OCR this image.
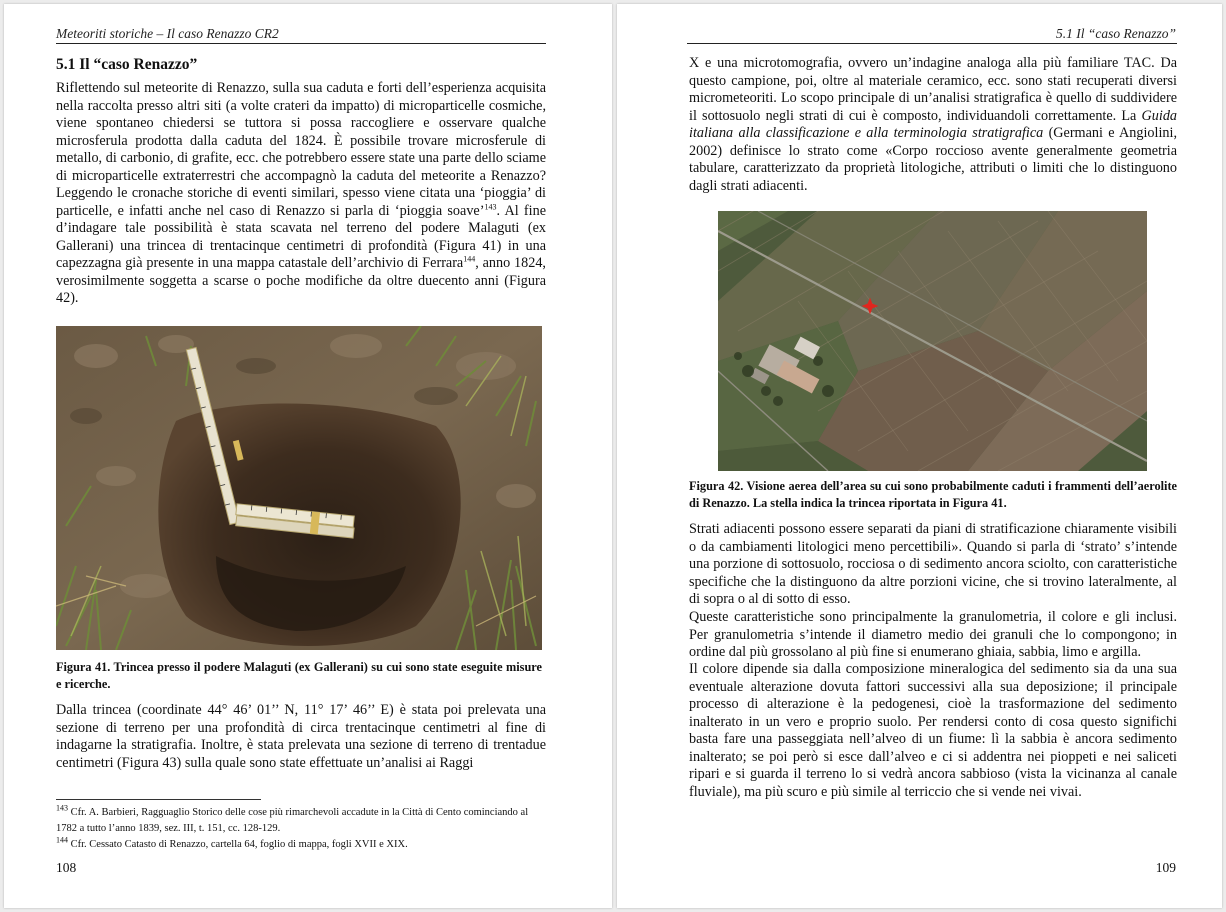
Meteoriti storiche – Il caso Renazzo CR2
5.1 Il “caso Renazzo”

Riflettendo sul meteorite di Renazzo, sulla sua caduta e forti dell’esperienza acquisita nella raccolta presso altri siti (a volte crateri da impatto) di microparticelle cosmiche, viene spontaneo chiedersi se tuttora si possa raccogliere e osservare qualche microsferula prodotta dalla caduta del 1824. È possibile trovare microsferule di metallo, di carbonio, di grafite, ecc. che potrebbero essere state una parte dello sciame di microparticelle extraterrestri che accompagnò la caduta del meteorite a Renazzo? Leggendo le cronache storiche di eventi similari, spesso viene citata una ‘pioggia’ di particelle, e infatti anche nel caso di Renazzo si parla di ‘pioggia soave’$^{143}$. Al fine d’indagare tale possibilità è stata scavata nel terreno del podere Malaguti (ex Gallerani) una trincea di trentacinque centimetri di profondità (Figura 41) in una capezzagna già presente in una mappa catastale dell’archivio di Ferrara$^{144}$, anno 1824, verosimilmente soggetta a scarse o poche modifiche da oltre duecento anni (Figura 42).

Figura 41. Trincea presso il podere Malaguti (ex Gallerani) su cui sono state eseguite misure e ricerche.

Dalla trincea (coordinate 44° 46’ 01’’ N, 11° 17’ 46’’ E) è stata poi prelevata una sezione di terreno per una profondità di circa trentacinque centimetri al fine di indagarne la stratigrafia. Inoltre, è stata prelevata una sezione di terreno di trentadue centimetri (Figura 43) sulla quale sono state effettuate un’analisi ai Raggi

$^{143}$ Cfr. A. Barbieri, Ragguaglio Storico delle cose più rimarchevoli accadute in la Città di Cento cominciando al 1782 a tutto l’anno 1839, sez. III, t. 151, cc. 128-129.

$^{144}$ Cfr. Cessato Catasto di Renazzo, cartella 64, foglio di mappa, fogli XVII e XIX.

108
5.1 Il “caso Renazzo”

X e una microtomografia, ovvero un’indagine analoga alla più familiare TAC. Da questo campione, poi, oltre al materiale ceramico, ecc. sono stati recuperati diversi micrometeoriti. Lo scopo principale di un’analisi stratigrafica è quello di suddividere il sottosuolo negli strati di cui è composto, individuandoli correttamente. La Guida italiana alla classificazione e alla terminologia stratigrafica (Germani e Angiolini, 2002) definisce lo strato come «Corpo roccioso avente generalmente geometria tabulare, caratterizzato da proprietà litologiche, attributi o limiti che lo distinguono dagli strati adiacenti.

Figura 42. Visione aerea dell’area su cui sono probabilmente caduti i frammenti dell’aerolite di Renazzo. La stella indica la trincea riportata in Figura 41.

Strati adiacenti possono essere separati da piani di stratificazione chiaramente visibili o da cambiamenti litologici meno percettibili». Quando si parla di ‘strato’ s’intende una porzione di sottosuolo, rocciosa o di sedimento ancora sciolto, con caratteristiche specifiche che la distinguono da altre porzioni vicine, che si trovino lateralmente, al di sopra o al di sotto di esso.

Queste caratteristiche sono principalmente la granulometria, il colore e gli inclusi. Per granulometria s’intende il diametro medio dei granuli che lo compongono; in ordine dal più grossolano al più fine si enumerano ghiaia, sabbia, limo e argilla.

Il colore dipende sia dalla composizione mineralogica del sedimento sia da una sua eventuale alterazione dovuta fattori successivi alla sua deposizione; il principale processo di alterazione è la pedogenesi, cioè la trasformazione del sedimento inalterato in un vero e proprio suolo. Per rendersi conto di cosa questo significhi basta fare una passeggiata nell’alveo di un fiume: lì la sabbia è ancora sedimento inalterato; se poi però si esce dall’alveo e ci si addentra nei pioppeti e nei saliceti ripari e si guarda il terreno lo si vedrà ancora sabbioso (vista la vicinanza al canale fluviale), ma più scuro e più simile al terriccio che si vende nei vivai.

109
